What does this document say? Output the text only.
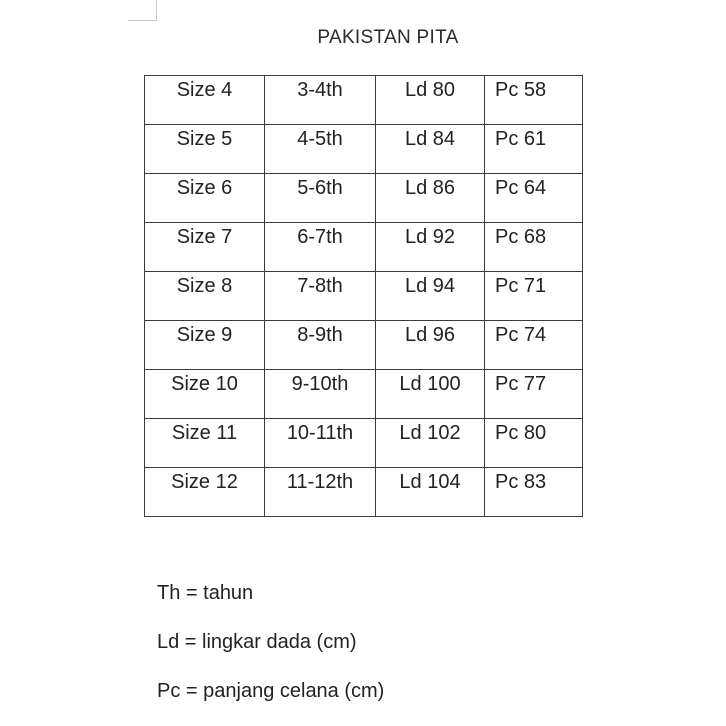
PAKISTAN PITA
Size 4	3-4th	Ld 80	Pc 58
Size 5	4-5th	Ld 84	Pc 61
Size 6	5-6th	Ld 86	Pc 64
Size 7	6-7th	Ld 92	Pc 68
Size 8	7-8th	Ld 94	Pc 71
Size 9	8-9th	Ld 96	Pc 74
Size 10	9-10th	Ld 100	Pc 77
Size 11	10-11th	Ld 102	Pc 80
Size 12	11-12th	Ld 104	Pc 83
Th = tahun
Ld = lingkar dada (cm)
Pc = panjang celana (cm)
